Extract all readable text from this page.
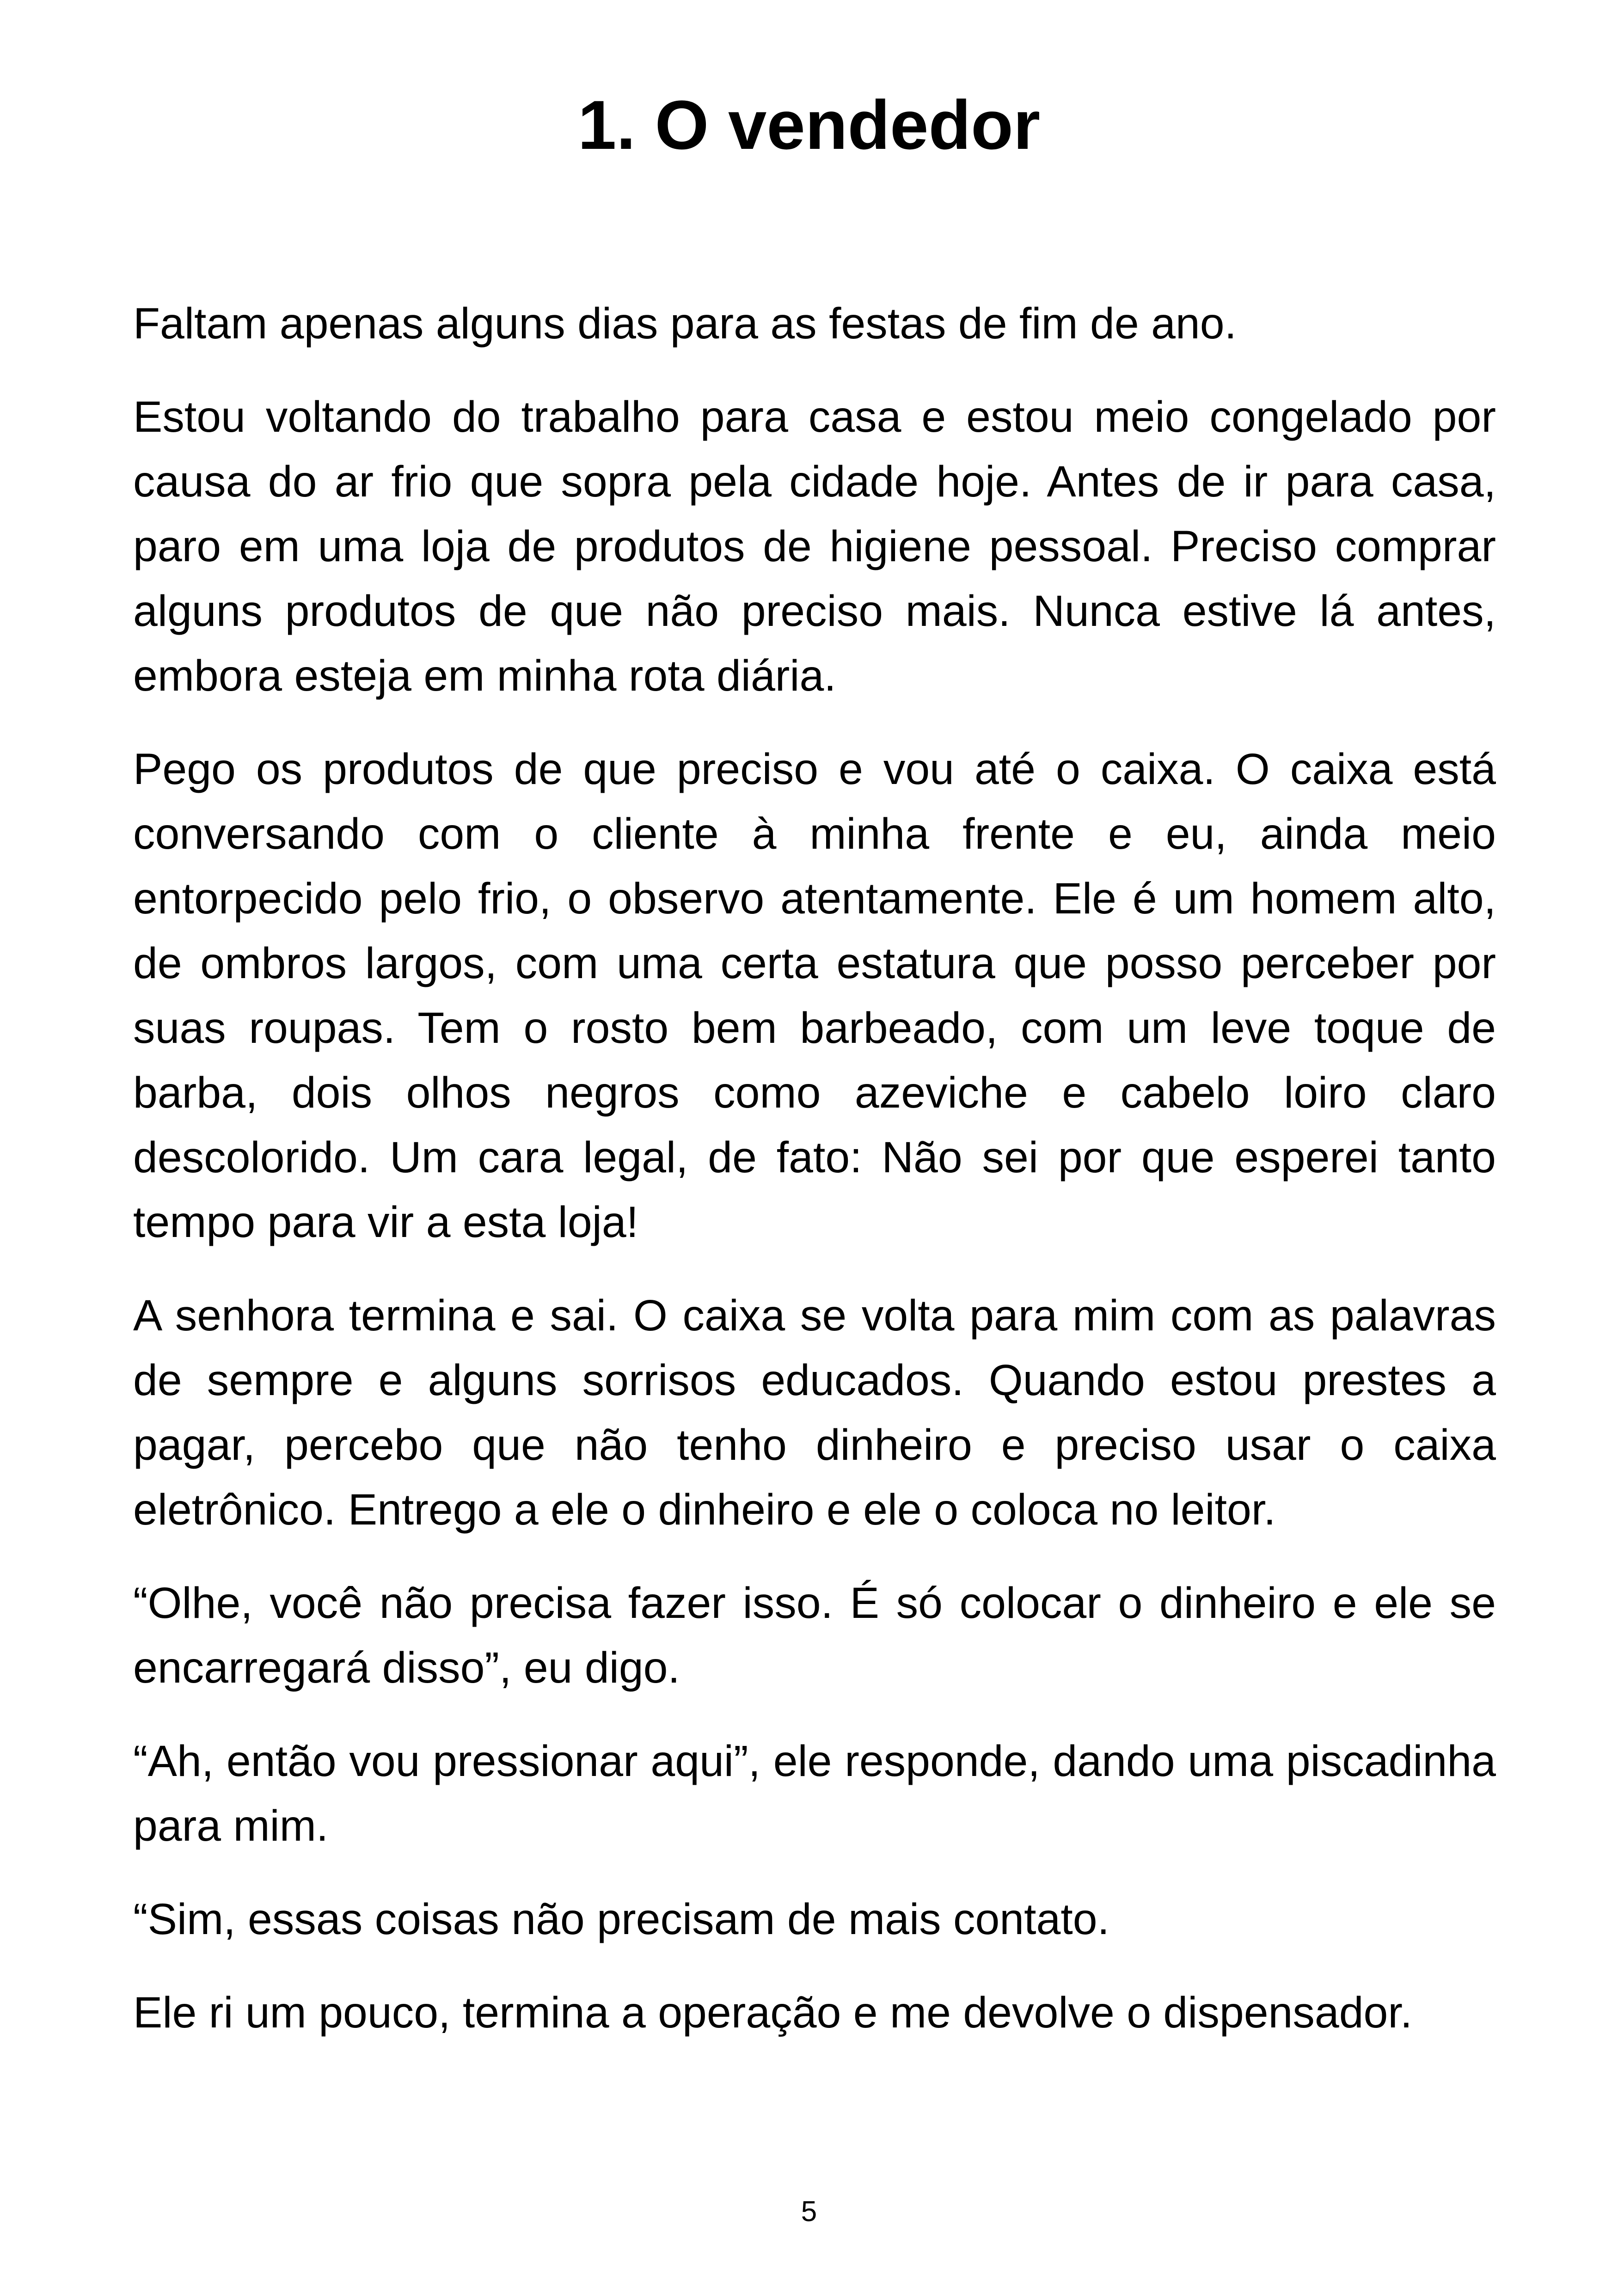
1. O vendedor

Faltam apenas alguns dias para as festas de fim de ano.

Estou voltando do trabalho para casa e estou meio congelado por causa do ar frio que sopra pela cidade hoje. Antes de ir para casa, paro em uma loja de produtos de higiene pessoal. Preciso comprar alguns produtos de que não preciso mais. Nunca estive lá antes, embora esteja em minha rota diária.

Pego os produtos de que preciso e vou até o caixa. O caixa está conversando com o cliente à minha frente e eu, ainda meio entorpecido pelo frio, o observo atentamente. Ele é um homem alto, de ombros largos, com uma certa estatura que posso perceber por suas roupas. Tem o rosto bem barbeado, com um leve toque de barba, dois olhos negros como azeviche e cabelo loiro claro descolorido. Um cara legal, de fato: Não sei por que esperei tanto tempo para vir a esta loja!

A senhora termina e sai. O caixa se volta para mim com as palavras de sempre e alguns sorrisos educados. Quando estou prestes a pagar, percebo que não tenho dinheiro e preciso usar o caixa eletrônico. Entrego a ele o dinheiro e ele o coloca no leitor.

“Olhe, você não precisa fazer isso. É só colocar o dinheiro e ele se encarregará disso”, eu digo.

“Ah, então vou pressionar aqui”, ele responde, dando uma piscadinha para mim.

“Sim, essas coisas não precisam de mais contato.

Ele ri um pouco, termina a operação e me devolve o dispensador.

5
